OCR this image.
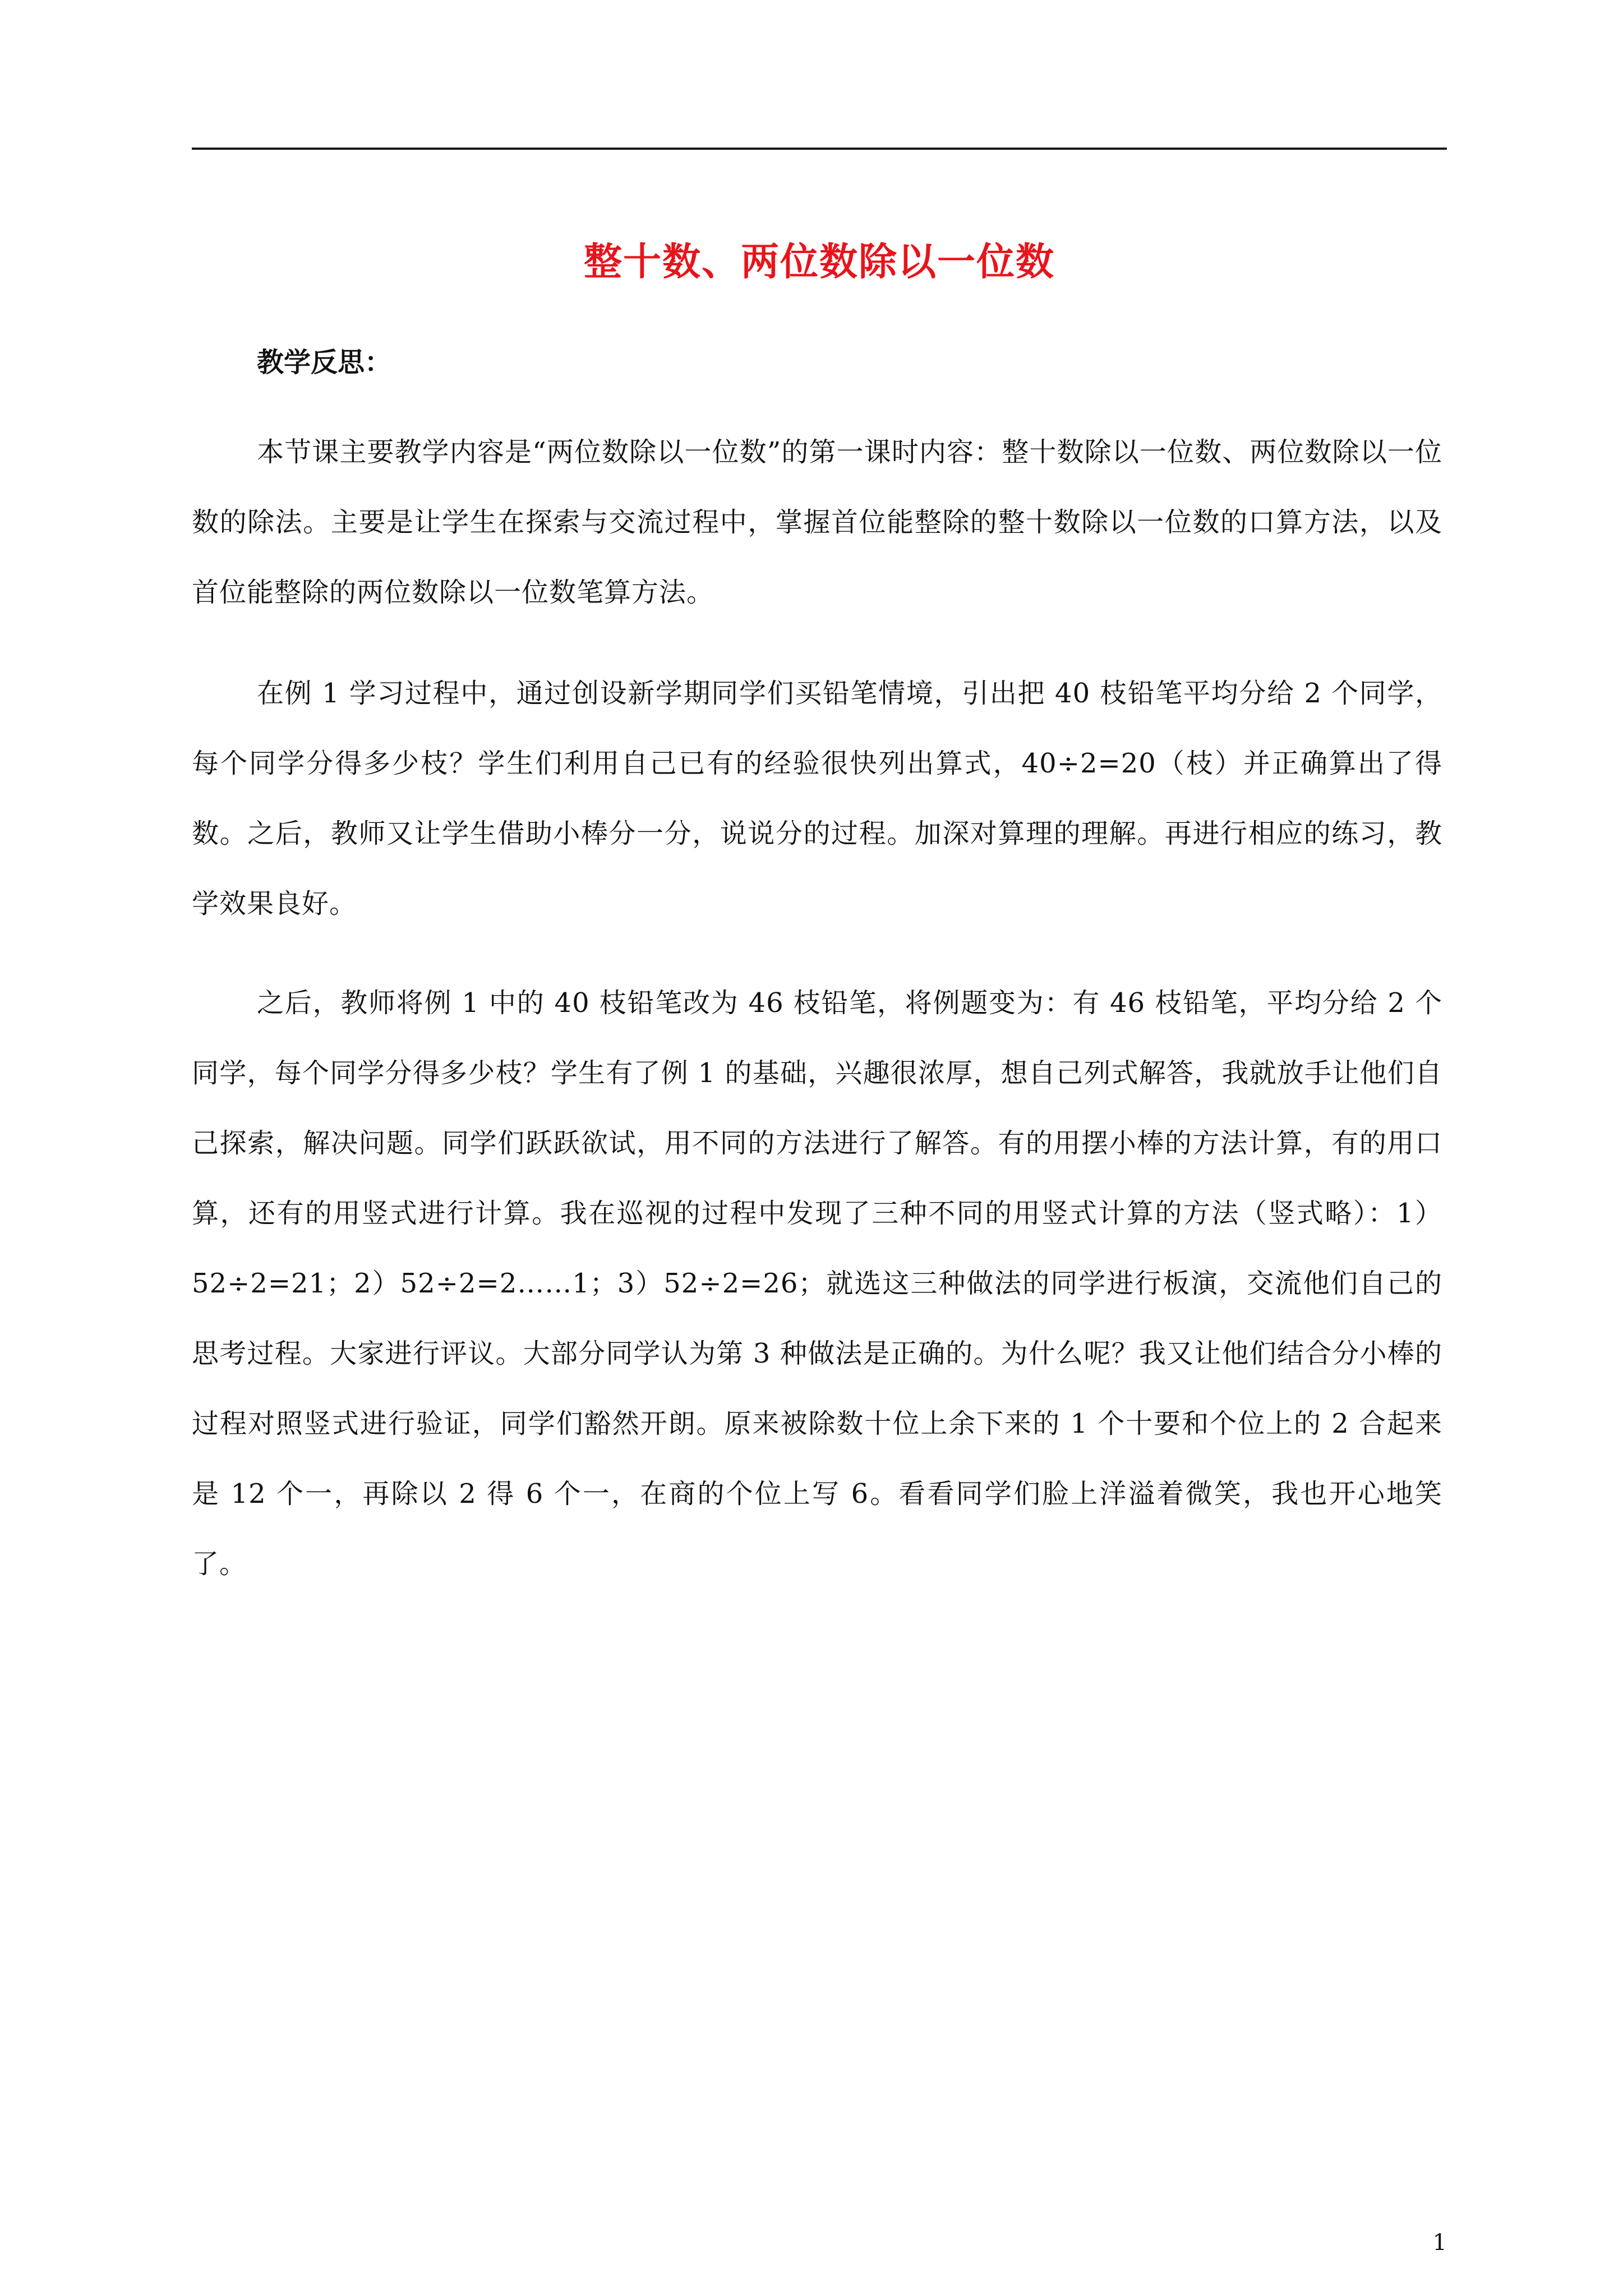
整十数、两位数除以一位数
教学反思：

本节课主要教学内容是“两位数除以一位数”的第一课时内容：整十数除以一位数、两位数除以一位数的除法。主要是让学生在探索与交流过程中，掌握首位能整除的整十数除以一位数的口算方法，以及首位能整除的两位数除以一位数笔算方法。

在例 1 学习过程中，通过创设新学期同学们买铅笔情境，引出把 40 枝铅笔平均分给 2 个同学，每个同学分得多少枝？学生们利用自己已有的经验很快列出算式，40÷2=20（枝）并正确算出了得数。之后，教师又让学生借助小棒分一分，说说分的过程。加深对算理的理解。再进行相应的练习，教学效果良好。

之后，教师将例 1 中的 40 枝铅笔改为 46 枝铅笔，将例题变为：有 46 枝铅笔，平均分给 2 个同学，每个同学分得多少枝？学生有了例 1 的基础，兴趣很浓厚，想自己列式解答，我就放手让他们自己探索，解决问题。同学们跃跃欲试，用不同的方法进行了解答。有的用摆小棒的方法计算，有的用口算，还有的用竖式进行计算。我在巡视的过程中发现了三种不同的用竖式计算的方法（竖式略）：1）52÷2=21；2）52÷2=2……1；3）52÷2=26；就选这三种做法的同学进行板演，交流他们自己的思考过程。大家进行评议。大部分同学认为第 3 种做法是正确的。为什么呢？我又让他们结合分小棒的过程对照竖式进行验证，同学们豁然开朗。原来被除数十位上余下来的 1 个十要和个位上的 2 合起来是 12 个一，再除以 2 得 6 个一，在商的个位上写 6。看看同学们脸上洋溢着微笑，我也开心地笑了。

1
